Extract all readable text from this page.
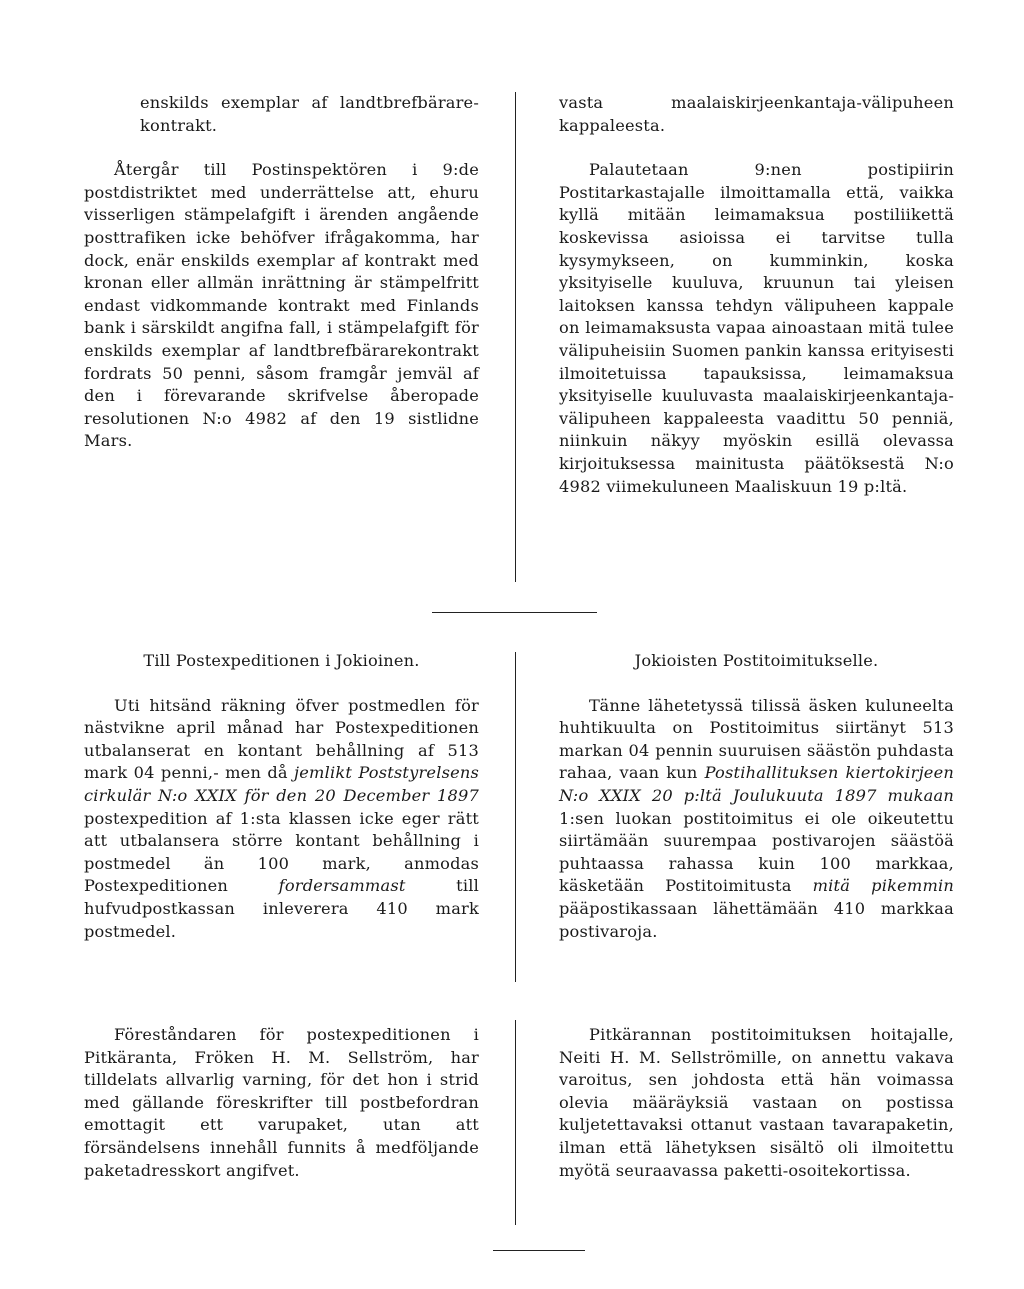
enskilds exemplar af landtbrefbärare-kontrakt.

Återgår till Postinspektören i 9:de postdistriktet med underrättelse att, ehuru visserligen stämpelafgift i ärenden angående posttrafiken icke behöfver ifrågakomma, har dock, enär enskilds exemplar af kontrakt med kronan eller allmän inrättning är stämpelfritt endast vidkommande kontrakt med Finlands bank i särskildt angifna fall, i stämpelafgift för enskilds exemplar af landtbrefbärarekontrakt fordrats 50 penni, såsom framgår jemväl af den i förevarande skrifvelse åberopade resolutionen N:o 4982 af den 19 sistlidne Mars.

vasta maalaiskirjeenkantaja-välipuheen kappaleesta.

Palautetaan 9:nen postipiirin Postitarkastajalle ilmoittamalla että, vaikka kyllä mitään leimamaksua postiliikettä koskevissa asioissa ei tarvitse tulla kysymykseen, on kumminkin, koska yksityiselle kuuluva, kruunun tai yleisen laitoksen kanssa tehdyn välipuheen kappale on leimamaksusta vapaa ainoastaan mitä tulee välipuheisiin Suomen pankin kanssa erityisesti ilmoitetuissa tapauksissa, leimamaksua yksityiselle kuuluvasta maalaiskirjeenkantaja-välipuheen kappaleesta vaadittu 50 penniä, niinkuin näkyy myöskin esillä olevassa kirjoituksessa mainitusta päätöksestä N:o 4982 viimekuluneen Maaliskuun 19 p:ltä.

Till Postexpeditionen i Jokioinen.

Uti hitsänd räkning öfver postmedlen för nästvikne april månad har Postexpeditionen utbalanserat en kontant behållning af 513 mark 04 penni,- men då jemlikt Poststyrelsens cirkulär N:o XXIX för den 20 December 1897 postexpedition af 1:sta klassen icke eger rätt att utbalansera större kontant behållning i postmedel än 100 mark, anmodas Postexpeditionen fordersammast till hufvudpostkassan inleverera 410 mark postmedel.

Jokioisten Postitoimitukselle.

Tänne lähetetyssä tilissä äsken kuluneelta huhtikuulta on Postitoimitus siirtänyt 513 markan 04 pennin suuruisen säästön puhdasta rahaa, vaan kun Postihallituksen kiertokirjeen N:o XXIX 20 p:ltä Joulukuuta 1897 mukaan 1:sen luokan postitoimitus ei ole oikeutettu siirtämään suurempaa postivarojen säästöä puhtaassa rahassa kuin 100 markkaa, käsketään Postitoimitusta mitä pikemmin pääpostikassaan lähettämään 410 markkaa postivaroja.

Föreståndaren för postexpeditionen i Pitkäranta, Fröken H. M. Sellström, har tilldelats allvarlig varning, för det hon i strid med gällande föreskrifter till postbefordran emottagit ett varupaket, utan att försändelsens innehåll funnits å medföljande paketadresskort angifvet.

Pitkärannan postitoimituksen hoitajalle, Neiti H. M. Sellströmille, on annettu vakava varoitus, sen johdosta että hän voimassa olevia määräyksiä vastaan on postissa kuljetettavaksi ottanut vastaan tavarapaketin, ilman että lähetyksen sisältö oli ilmoitettu myötä seuraavassa paketti-osoitekortissa.
